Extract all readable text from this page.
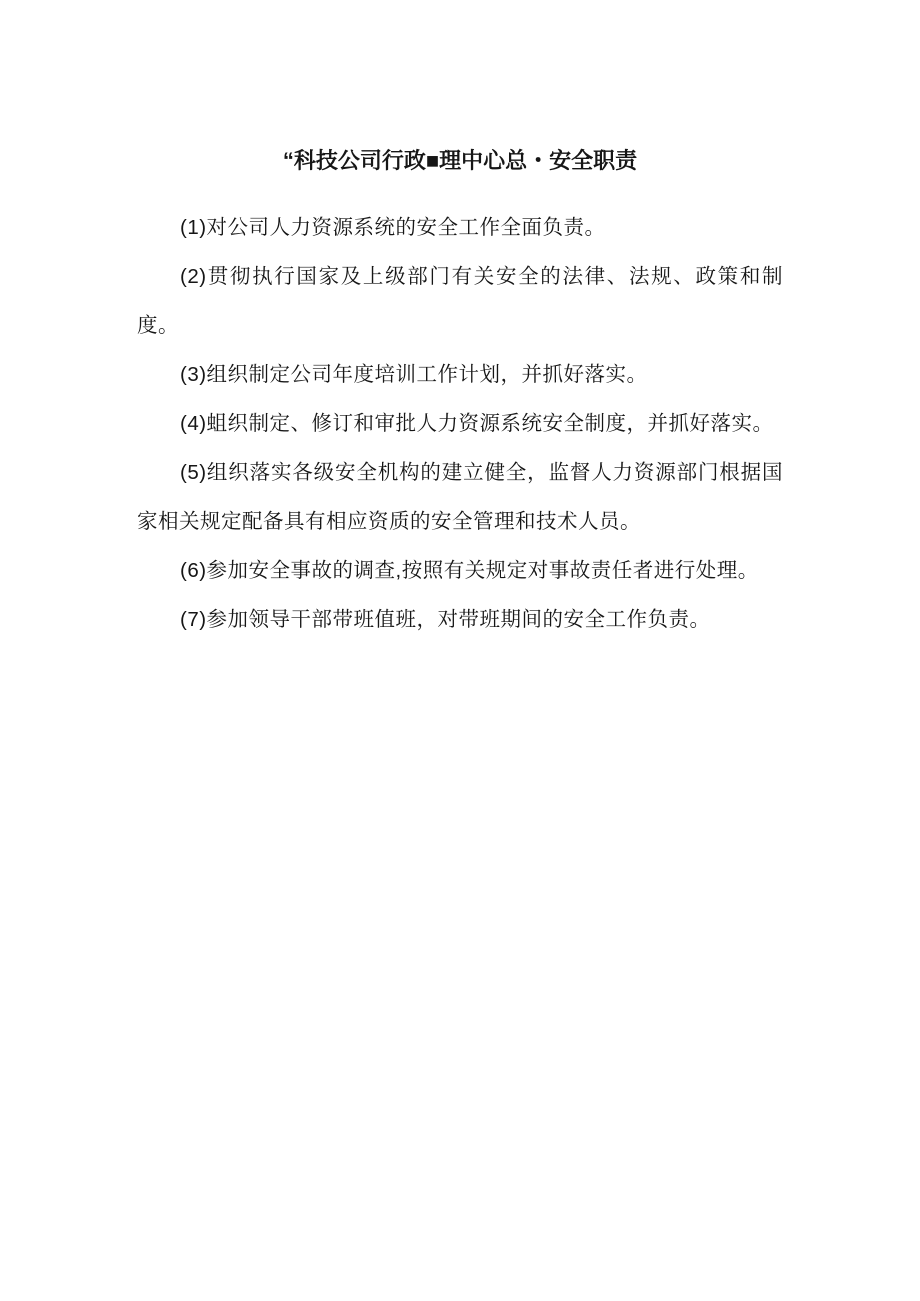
“科技公司行政■理中心总・安全职责

(1)对公司人力资源系统的安全工作全面负责。

(2)贯彻执行国家及上级部门有关安全的法律、法规、政策和制度。

(3)组织制定公司年度培训工作计划，并抓好落实。

(4)蛆织制定、修订和审批人力资源系统安全制度，并抓好落实。

(5)组织落实各级安全机构的建立健全，监督人力资源部门根据国家相关规定配备具有相应资质的安全管理和技术人员。

(6)参加安全事故的调查,按照有关规定对事故责任者进行处理。

(7)参加领导干部带班值班，对带班期间的安全工作负责。
